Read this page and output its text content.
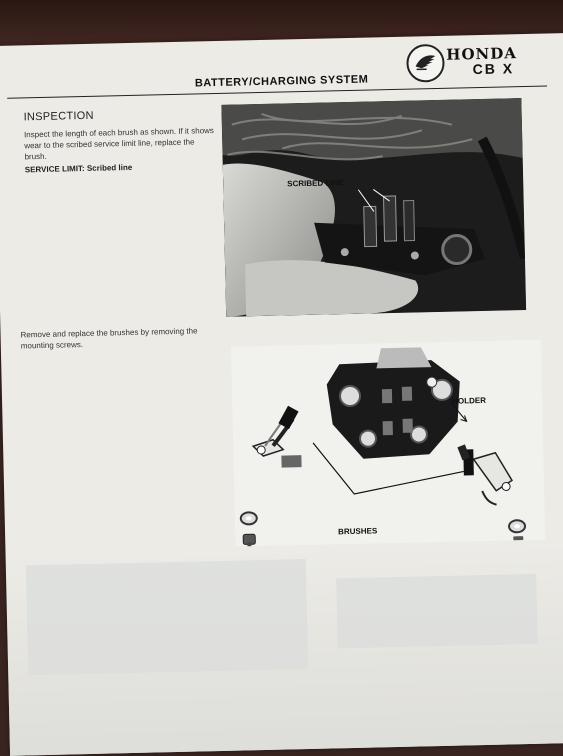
HONDA
CB X
BATTERY/CHARGING SYSTEM
INSPECTION
Inspect the length of each brush as shown. If it shows wear to the scribed service limit line, replace the brush.
SERVICE LIMIT: Scribed line
SCRIBED LINE
Remove and replace the brushes by removing the mounting screws.
HOLDER
BRUSHES
